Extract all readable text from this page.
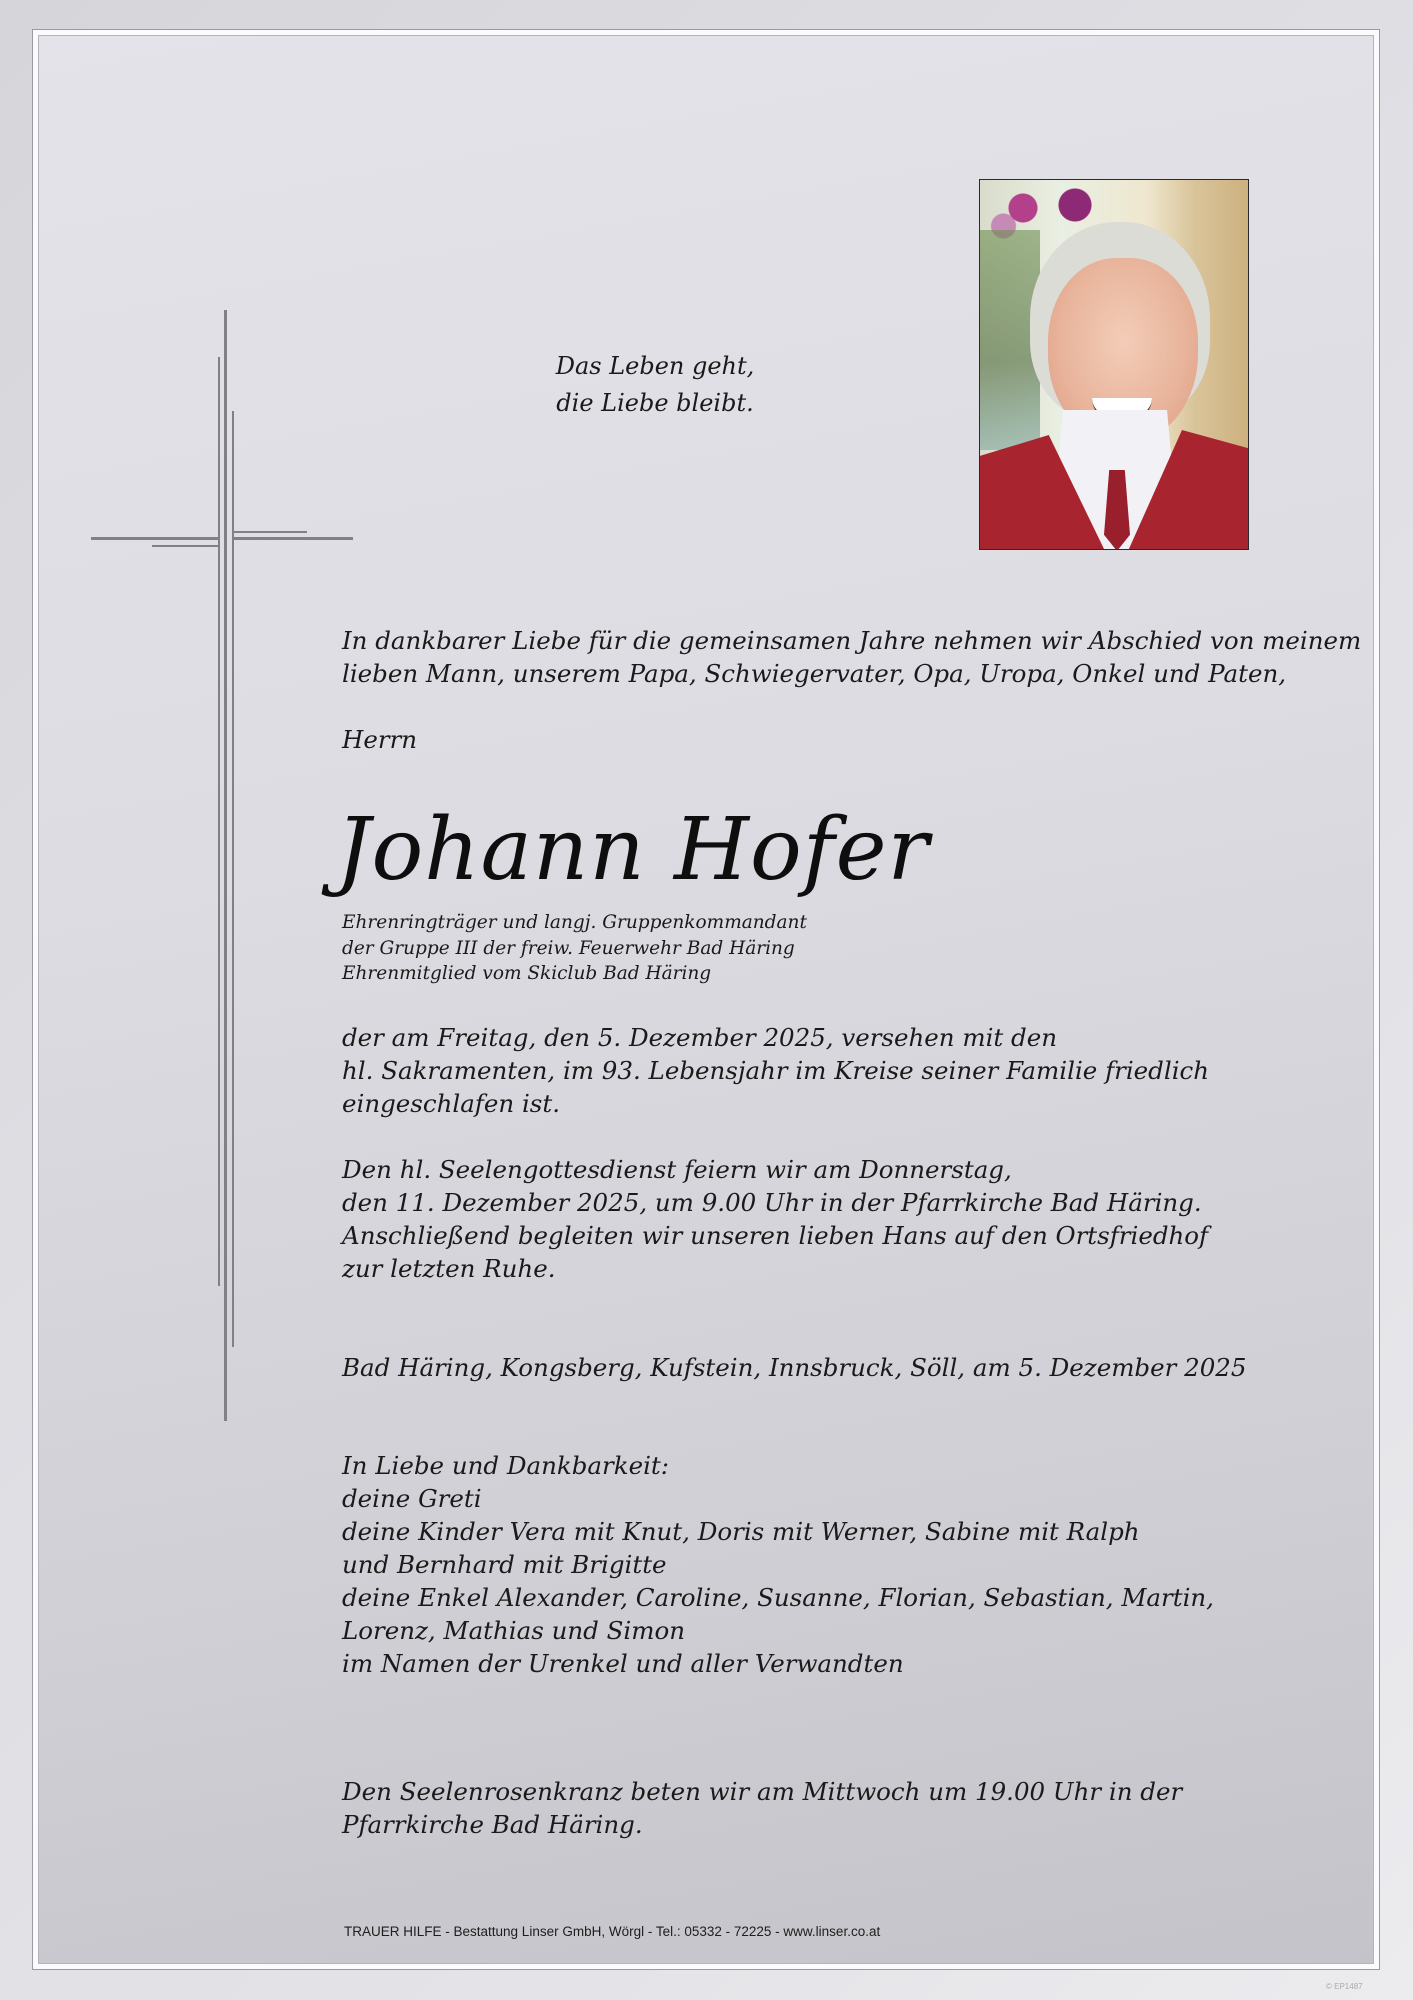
Das Leben geht,
die Liebe bleibt.
In dankbarer Liebe für die gemeinsamen Jahre nehmen wir Abschied von meinem
lieben Mann, unserem Papa, Schwiegervater, Opa, Uropa, Onkel und Paten,
Herrn
Johann Hofer
Ehrenringträger und langj. Gruppenkommandant
der Gruppe III der freiw. Feuerwehr Bad Häring
Ehrenmitglied vom Skiclub Bad Häring
der am Freitag, den 5. Dezember 2025, versehen mit den
hl. Sakramenten, im 93. Lebensjahr im Kreise seiner Familie friedlich
eingeschlafen ist.
Den hl. Seelengottesdienst feiern wir am Donnerstag,
den 11. Dezember 2025, um 9.00 Uhr in der Pfarrkirche Bad Häring.
Anschließend begleiten wir unseren lieben Hans auf den Ortsfriedhof
zur letzten Ruhe.
Bad Häring, Kongsberg, Kufstein, Innsbruck, Söll, am 5. Dezember 2025
In Liebe und Dankbarkeit:
deine Greti
deine Kinder Vera mit Knut, Doris mit Werner, Sabine mit Ralph
und Bernhard mit Brigitte
deine Enkel Alexander, Caroline, Susanne, Florian, Sebastian, Martin,
Lorenz, Mathias und Simon
im Namen der Urenkel und aller Verwandten
Den Seelenrosenkranz beten wir am Mittwoch um 19.00 Uhr in der
Pfarrkirche Bad Häring.
TRAUER HILFE - Bestattung Linser GmbH, Wörgl - Tel.: 05332 - 72225 - www.linser.co.at
© EP1487
